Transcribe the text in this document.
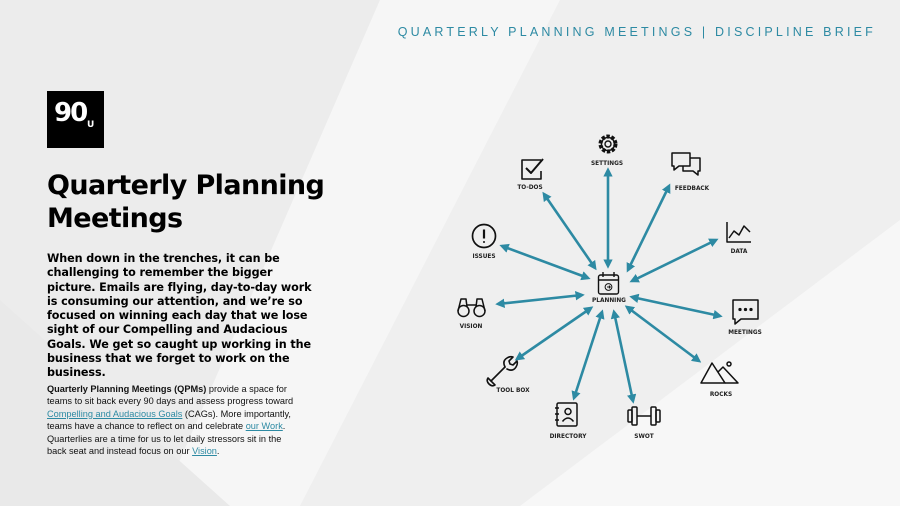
QUARTERLY PLANNING MEETINGS | DISCIPLINE BRIEF
90 U
Quarterly Planning
Meetings

When down in the trenches, it can be challenging to remember the bigger picture. Emails are flying, day-to-day work is consuming our attention, and we’re so focused on winning each day that we lose sight of our Compelling and Audacious Goals. We get so caught up working in the business that we forget to work on the business.

Quarterly Planning Meetings (QPMs) provide a space for teams to sit back every 90 days and assess progress toward Compelling and Audacious Goals (CAGs). More importantly, teams have a chance to reflect on and celebrate our Work. Quarterlies are a time for us to let daily stressors sit in the back seat and instead focus on our Vision.

PLANNING
SETTINGS
FEEDBACK
DATA
MEETINGS
ROCKS
SWOT
DIRECTORY
TOOL BOX
VISION
ISSUES
TO-DOS
